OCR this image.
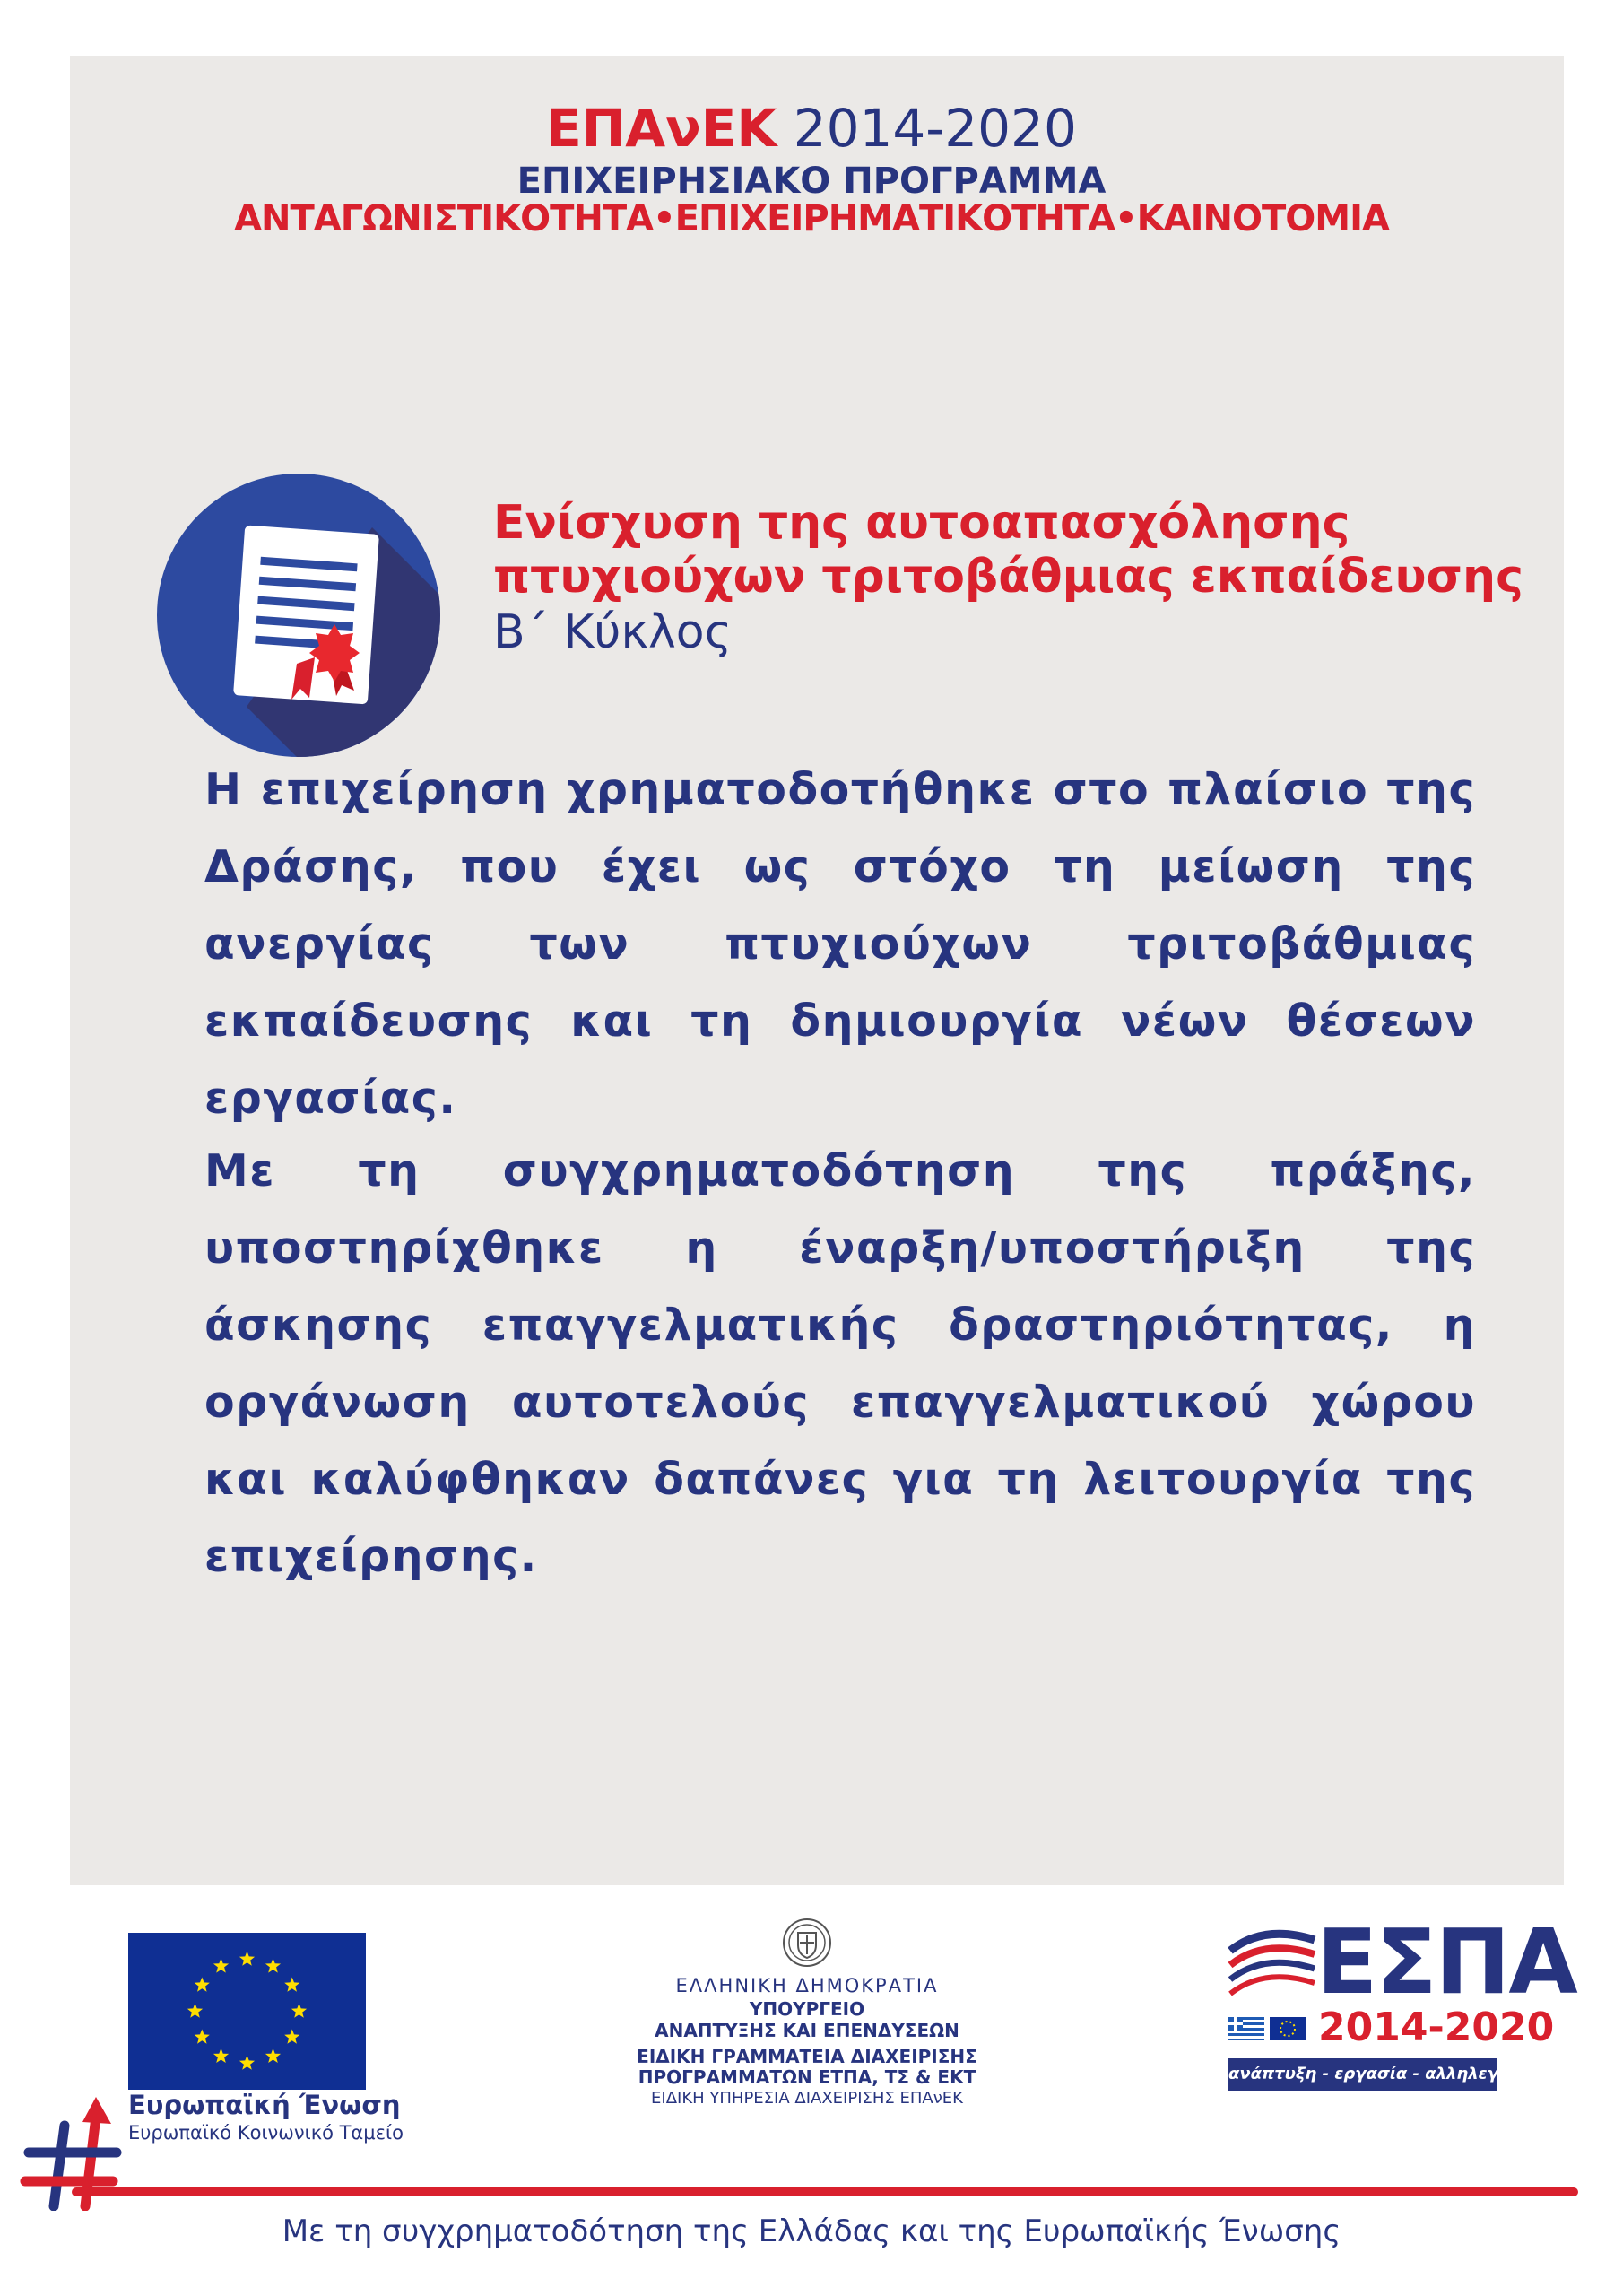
ΕΠΑνΕΚ 2014-2020
ΕΠΙΧΕΙΡΗΣΙΑΚΟ ΠΡΟΓΡΑΜΜΑ
ΑΝΤΑΓΩΝΙΣΤΙΚΟΤΗΤΑ•ΕΠΙΧΕΙΡΗΜΑΤΙΚΟΤΗΤΑ•ΚΑΙΝΟΤΟΜΙΑ
Ενίσχυση της αυτοαπασχόλησης
πτυχιούχων τριτοβάθμιας εκπαίδευσης
Β΄ Κύκλος
Η επιχείρηση χρηματοδοτήθηκε στο πλαίσιο της Δράσης, που έχει ως στόχο τη μείωση της ανεργίας των πτυχιούχων τριτοβάθμιας εκπαίδευσης και τη δημιουργία νέων θέσεων εργασίας.
Με τη συγχρηματοδότηση της πράξης, υποστηρίχθηκε η έναρξη/υποστήριξη της άσκησης επαγγελματικής δραστηριότητας, η οργάνωση αυτοτελούς επαγγελματικού χώρου και καλύφθηκαν δαπάνες για τη λειτουργία της επιχείρησης.
Ευρωπαϊκή Ένωση
Ευρωπαϊκό Κοινωνικό Ταμείο
ΕΛΛΗΝΙΚΗ ΔΗΜΟΚΡΑΤΙΑ
ΥΠΟΥΡΓΕΙΟ
ΑΝΑΠΤΥΞΗΣ ΚΑΙ ΕΠΕΝΔΥΣΕΩΝ
ΕΙΔΙΚΗ ΓΡΑΜΜΑΤΕΙΑ ΔΙΑΧΕΙΡΙΣΗΣ
ΠΡΟΓΡΑΜΜΑΤΩΝ ΕΤΠΑ, ΤΣ & ΕΚΤ
ΕΙΔΙΚΗ ΥΠΗΡΕΣΙΑ ΔΙΑΧΕΙΡΙΣΗΣ ΕΠΑνΕΚ
ΕΣΠΑ
2014-2020
ανάπτυξη - εργασία - αλληλεγγύη
Με τη συγχρηματοδότηση της Ελλάδας και της Ευρωπαϊκής Ένωσης
